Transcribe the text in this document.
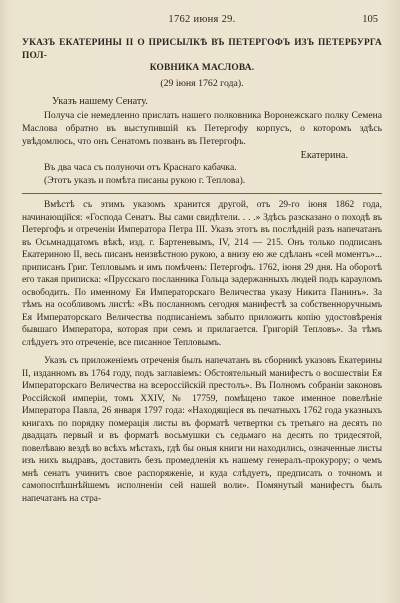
1762 июня 29.	105
УКАЗЪ ЕКАТЕРИНЫ II О ПРИСЫЛКѢ ВЪ ПЕТЕРГОФЪ ИЗЪ ПЕТЕРБУРГА ПОЛ-
КОВНИКА МАСЛОВА.
(29 іюня 1762 года).
Указъ нашему Сенату.

Получа сіе немедленно прислать нашего полковника Воронежскаго полку Семена Маслова обратно въ выступившій къ Петергофу корпусъ, о которомъ здѣсь увѣдомлюсь, что онъ Сенатомъ позванъ въ Петергофъ.

Екатерина.

Въ два часа съ полуночи отъ Краснаго кабачка.

(Этотъ указъ и помѣта писаны рукою г. Теплова).

Вмѣстѣ съ этимъ указомъ хранится другой, отъ 29-го іюня 1862 года, начинающійся: «Господа Сенатъ. Вы сами свидѣтели. . . .» Здѣсь разсказано о походѣ въ Петергофъ и отреченіи Императора Петра III. Указъ этотъ въ послѣдній разъ напечатанъ въ Осьмнадцатомъ вѣкѣ, изд. г. Бартеневымъ, IV, 214 — 215. Онъ только подписанъ Екатериною II, весь писанъ неизвѣстною рукою, а внизу ею же сдѣланъ «сей моментъ»... приписанъ Григ. Тепловымъ и имъ помѣченъ: Петергофъ. 1762, іюня 29 дня. На оборотѣ его такая приписка: «Прусскаго посланника Гольца задержанныхъ людей подъ карауломъ освободить. По именному Ея Императорскаго Величества указу Никита Панинъ». За тѣмъ на особливомъ листѣ: «Въ посланномъ сегодня манифестѣ за собственноручнымъ Ея Императорскаго Величества подписаніемъ забыто приложить копію удостовѣренія бывшаго Императора, которая при семъ и прилагается. Григорій Тепловъ». За тѣмъ слѣдуетъ это отреченіе, все писанное Тепловымъ.

Указъ съ приложеніемъ отреченія былъ напечатанъ въ сборникѣ указовъ Екатерины II, изданномъ въ 1764 году, подъ заглавіемъ: Обстоятельный манифестъ о восшествіи Ея Императорскаго Величества на всероссійскій престолъ». Въ Полномъ собраніи законовъ Россійской имперіи, томъ XXIV, № 17759, помѣщено такое именное повелѣніе Императора Павла, 26 января 1797 года: «Находящіеся въ печатныхъ 1762 года указныхъ книгахъ по порядку померація листы въ форматѣ четвертки съ третьяго на десять по двадцать первый и въ форматѣ восьмушки съ седьмаго на десять по тридесятой, повелѣваю вездѣ во всѣхъ мѣстахъ, гдѣ бы оныя книги ни находились, означенные листы изъ нихъ выдравъ, доставить безъ промедленія къ нашему генералъ-прокурору; о чемъ мнѣ сенатъ учинитъ свое распоряженіе, и куда слѣдуетъ, предписать о точномъ и самопоспѣшнѣйшемъ исполненіи сей нашей воли». Помянутый манифестъ былъ напечатанъ на стра-
